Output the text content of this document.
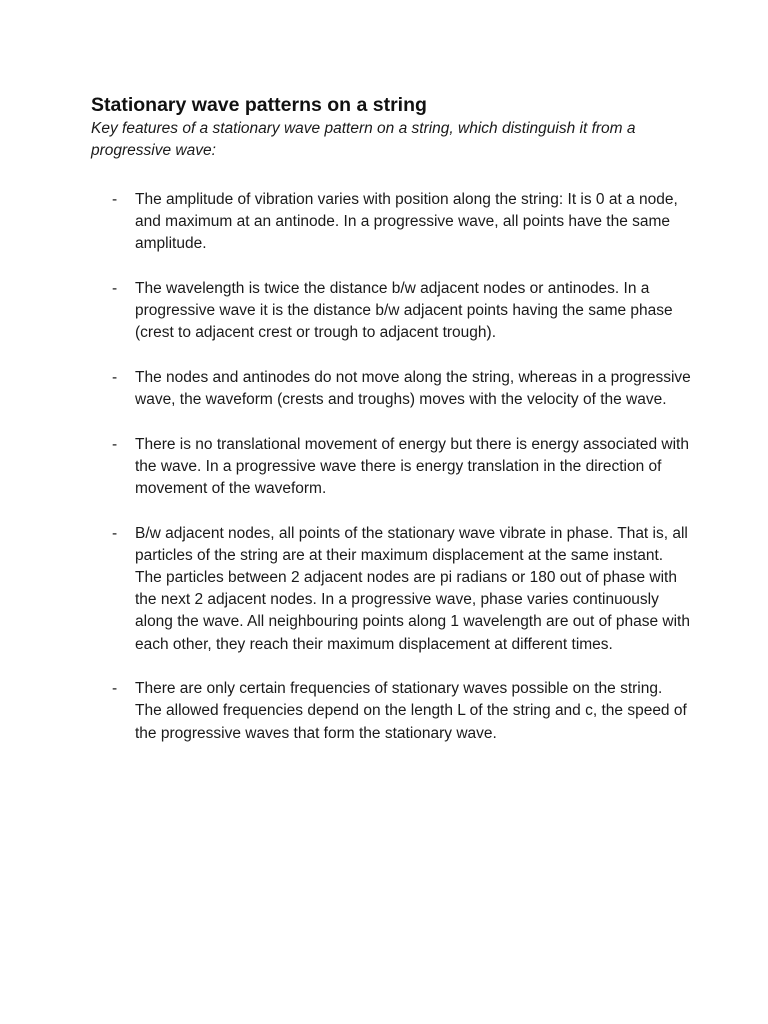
Stationary wave patterns on a string

Key features of a stationary wave pattern on a string, which distinguish it from a progressive wave:

- The amplitude of vibration varies with position along the string: It is 0 at a node, and maximum at an antinode. In a progressive wave, all points have the same amplitude.
- The wavelength is twice the distance b/w adjacent nodes or antinodes. In a progressive wave it is the distance b/w adjacent points having the same phase (crest to adjacent crest or trough to adjacent trough).
- The nodes and antinodes do not move along the string, whereas in a progressive wave, the waveform (crests and troughs) moves with the velocity of the wave.
- There is no translational movement of energy but there is energy associated with the wave. In a progressive wave there is energy translation in the direction of movement of the waveform.
- B/w adjacent nodes, all points of the stationary wave vibrate in phase. That is, all particles of the string are at their maximum displacement at the same instant. The particles between 2 adjacent nodes are pi radians or 180 out of phase with the next 2 adjacent nodes. In a progressive wave, phase varies continuously along the wave. All neighbouring points along 1 wavelength are out of phase with each other, they reach their maximum displacement at different times.
- There are only certain frequencies of stationary waves possible on the string. The allowed frequencies depend on the length L of the string and c, the speed of the progressive waves that form the stationary wave.
